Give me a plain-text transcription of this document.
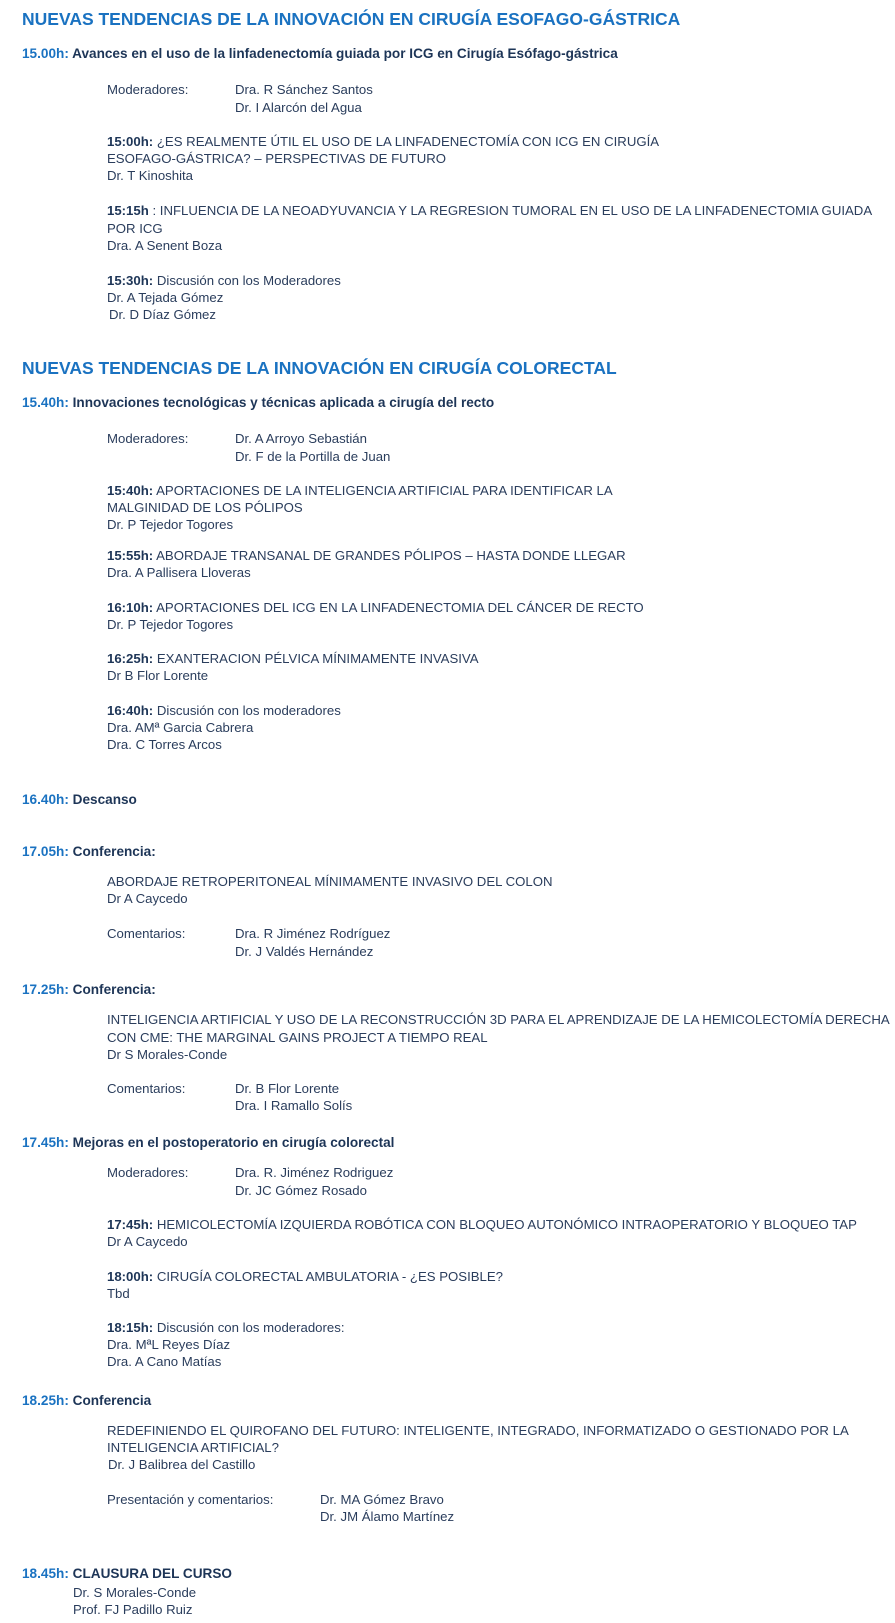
NUEVAS TENDENCIAS DE LA INNOVACIÓN EN CIRUGÍA ESOFAGO-GÁSTRICA
NUEVAS TENDENCIAS DE LA INNOVACIÓN EN CIRUGÍA COLORECTAL
15.00h: Avances en el uso de la linfadenectomía guiada por ICG en Cirugía Esófago-gástrica
15.40h: Innovaciones tecnológicas y técnicas aplicada a cirugía del recto
16.40h: Descanso
17.05h: Conferencia:
17.25h: Conferencia:
17.45h: Mejoras en el postoperatorio en cirugía colorectal
18.25h: Conferencia
18.45h: CLAUSURA DEL CURSO
Moderadores:	Dra. R Sánchez Santos
Dr. I Alarcón del Agua
15:00h: ¿ES REALMENTE ÚTIL EL USO DE LA LINFADENECTOMÍA CON ICG EN CIRUGÍA
ESOFAGO-GÁSTRICA? – PERSPECTIVAS DE FUTURO
Dr. T Kinoshita
15:15h : INFLUENCIA DE LA NEOADYUVANCIA Y LA REGRESION TUMORAL EN EL USO DE LA LINFADENECTOMIA GUIADA
POR ICG
Dra. A Senent Boza
15:30h: Discusión con los Moderadores
Dr. A Tejada Gómez
Dr. D Díaz Gómez
Moderadores:	Dr. A Arroyo Sebastián
Dr. F de la Portilla de Juan
15:40h: APORTACIONES DE LA INTELIGENCIA ARTIFICIAL PARA IDENTIFICAR LA
MALGINIDAD DE LOS PÓLIPOS
Dr. P Tejedor Togores
15:55h: ABORDAJE TRANSANAL DE GRANDES PÓLIPOS – HASTA DONDE LLEGAR
Dra. A Pallisera Lloveras
16:10h: APORTACIONES DEL ICG EN LA LINFADENECTOMIA DEL CÁNCER DE RECTO
Dr. P Tejedor Togores
16:25h: EXANTERACION PÉLVICA MÍNIMAMENTE INVASIVA
Dr B Flor Lorente
16:40h: Discusión con los moderadores
Dra. AMª Garcia Cabrera
Dra. C Torres Arcos
ABORDAJE RETROPERITONEAL MÍNIMAMENTE INVASIVO DEL COLON
Dr A Caycedo
Comentarios:	Dra. R Jiménez Rodríguez
Dr. J Valdés Hernández
INTELIGENCIA ARTIFICIAL Y USO DE LA RECONSTRUCCIÓN 3D PARA EL APRENDIZAJE DE LA HEMICOLECTOMÍA DERECHA
CON CME: THE MARGINAL GAINS PROJECT A TIEMPO REAL
Dr S Morales-Conde
Comentarios:	Dr. B Flor Lorente
Dra. I Ramallo Solís
Moderadores:	Dra. R. Jiménez Rodriguez
Dr. JC Gómez Rosado
17:45h: HEMICOLECTOMÍA IZQUIERDA ROBÓTICA CON BLOQUEO AUTONÓMICO INTRAOPERATORIO Y BLOQUEO TAP
Dr A Caycedo
18:00h: CIRUGÍA COLORECTAL AMBULATORIA - ¿ES POSIBLE?
Tbd
18:15h: Discusión con los moderadores:
Dra. MªL Reyes Díaz
Dra. A Cano Matías
REDEFINIENDO EL QUIROFANO DEL FUTURO: INTELIGENTE, INTEGRADO, INFORMATIZADO O GESTIONADO POR LA
INTELIGENCIA ARTIFICIAL?
Dr. J Balibrea del Castillo
Presentación y comentarios:	Dr. MA Gómez Bravo
Dr. JM Álamo Martínez
Dr. S Morales-Conde
Prof. FJ Padillo Ruiz
